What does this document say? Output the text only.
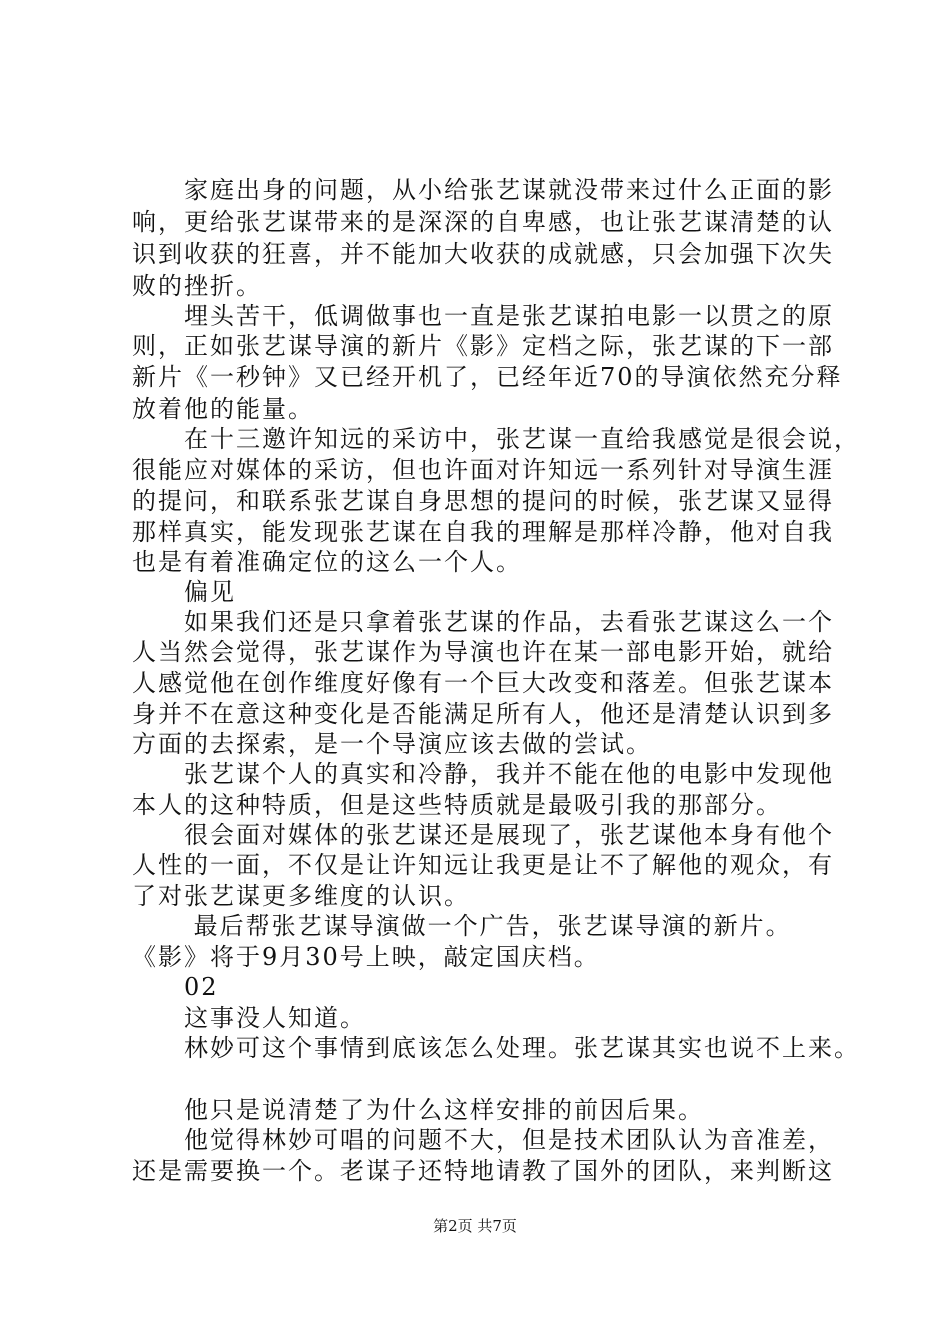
　　家庭出身的问题，从小给张艺谋就没带来过什么正面的影
响，更给张艺谋带来的是深深的自卑感，也让张艺谋清楚的认
识到收获的狂喜，并不能加大收获的成就感，只会加强下次失
败的挫折。
　　埋头苦干，低调做事也一直是张艺谋拍电影一以贯之的原
则，正如张艺谋导演的新片《影》定档之际，张艺谋的下一部
新片《一秒钟》又已经开机了，已经年近70的导演依然充分释
放着他的能量。
　　在十三邀许知远的采访中，张艺谋一直给我感觉是很会说，
很能应对媒体的采访，但也许面对许知远一系列针对导演生涯
的提问，和联系张艺谋自身思想的提问的时候，张艺谋又显得
那样真实，能发现张艺谋在自我的理解是那样冷静，他对自我
也是有着准确定位的这么一个人。
　　偏见
　　如果我们还是只拿着张艺谋的作品，去看张艺谋这么一个
人当然会觉得，张艺谋作为导演也许在某一部电影开始，就给
人感觉他在创作维度好像有一个巨大改变和落差。但张艺谋本
身并不在意这种变化是否能满足所有人，他还是清楚认识到多
方面的去探索，是一个导演应该去做的尝试。
　　张艺谋个人的真实和冷静，我并不能在他的电影中发现他
本人的这种特质，但是这些特质就是最吸引我的那部分。
　　很会面对媒体的张艺谋还是展现了，张艺谋他本身有他个
人性的一面，不仅是让许知远让我更是让不了解他的观众，有
了对张艺谋更多维度的认识。
　　 最后帮张艺谋导演做一个广告，张艺谋导演的新片。
《影》将于9月30号上映，敲定国庆档。
　　02
　　这事没人知道。
　　林妙可这个事情到底该怎么处理。张艺谋其实也说不上来。
　　他只是说清楚了为什么这样安排的前因后果。
　　他觉得林妙可唱的问题不大，但是技术团队认为音准差，
还是需要换一个。老谋子还特地请教了国外的团队，来判断这
第2页 共7页
